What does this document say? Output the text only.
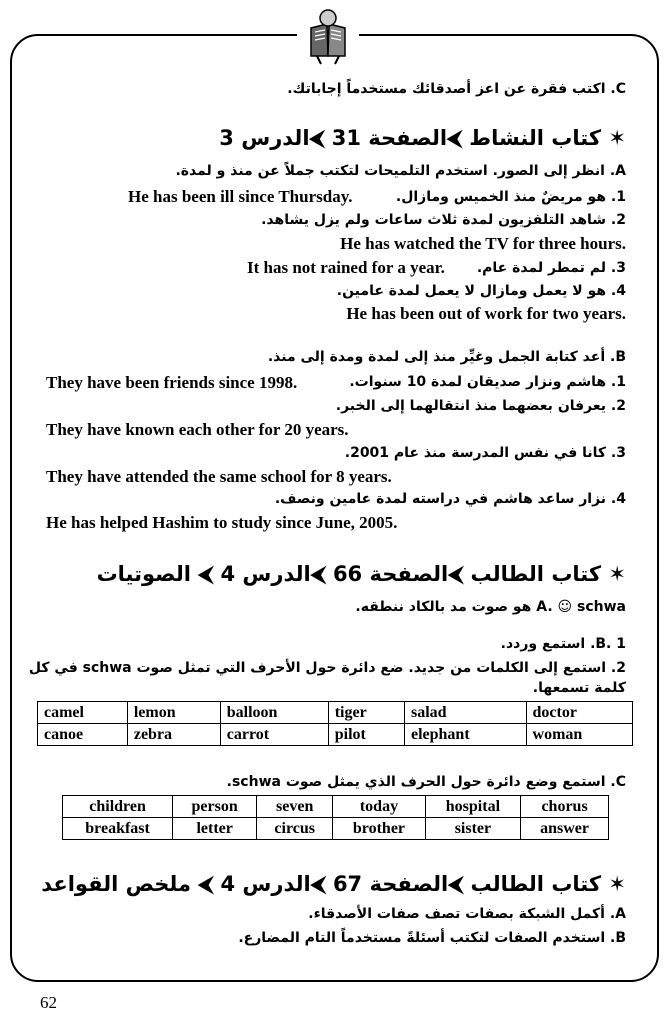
C. اكتب فقرة عن اعز أصدقائك مستخدماً إجاباتك.
✶ كتاب النشاط ⮜الصفحة 31 ⮜الدرس 3
A. انظر إلى الصور. استخدم التلميحات لتكتب جملاً عن منذ و لمدة.
1. هو مريضٌ منذ الخميس ومازال.
He has been ill since Thursday.
2. شاهد التلفزيون لمدة ثلاث ساعات ولم يزل يشاهد.
He has watched the TV for three hours.
3. لم تمطر لمدة عام.
It has not rained for a year.
4. هو لا يعمل ومازال لا يعمل لمدة عامين.
He has been out of work for two years.
B. أعد كتابة الجمل وغيِّر منذ إلى لمدة ومدة إلى منذ.
1. هاشم ونزار صديقان لمدة 10 سنوات.
They have been friends since 1998.
2. يعرفان بعضهما منذ انتقالهما إلى الخبر.
They have known each other for 20 years.
3. كانا في نفس المدرسة منذ عام 2001.
They have attended the same school for 8 years.
4. نزار ساعد هاشم في دراسته لمدة عامين ونصف.
He has helped Hashim to study since June, 2005.
✶ كتاب الطالب ⮜الصفحة 66 ⮜الدرس 4 ⮜ الصوتيات
A. ☺ schwa هو صوت مد بالكاد ننطقه.
B. 1. استمع وردد.
2. استمع إلى الكلمات من جديد. ضع دائرة حول الأحرف التي تمثل صوت schwa في كل
كلمة تسمعها.
camel	lemon	balloon	tiger	salad	doctor
canoe	zebra	carrot	pilot	elephant	woman
C. استمع وضع دائرة حول الحرف الذي يمثل صوت schwa.
children	person	seven	today	hospital	chorus
breakfast	letter	circus	brother	sister	answer
✶ كتاب الطالب ⮜الصفحة 67 ⮜الدرس 4 ⮜ ملخص القواعد
A. أكمل الشبكة بصفات تصف صفات الأصدقاء.
B. استخدم الصفات لتكتب أسئلةً مستخدماً التام المضارع.
62
